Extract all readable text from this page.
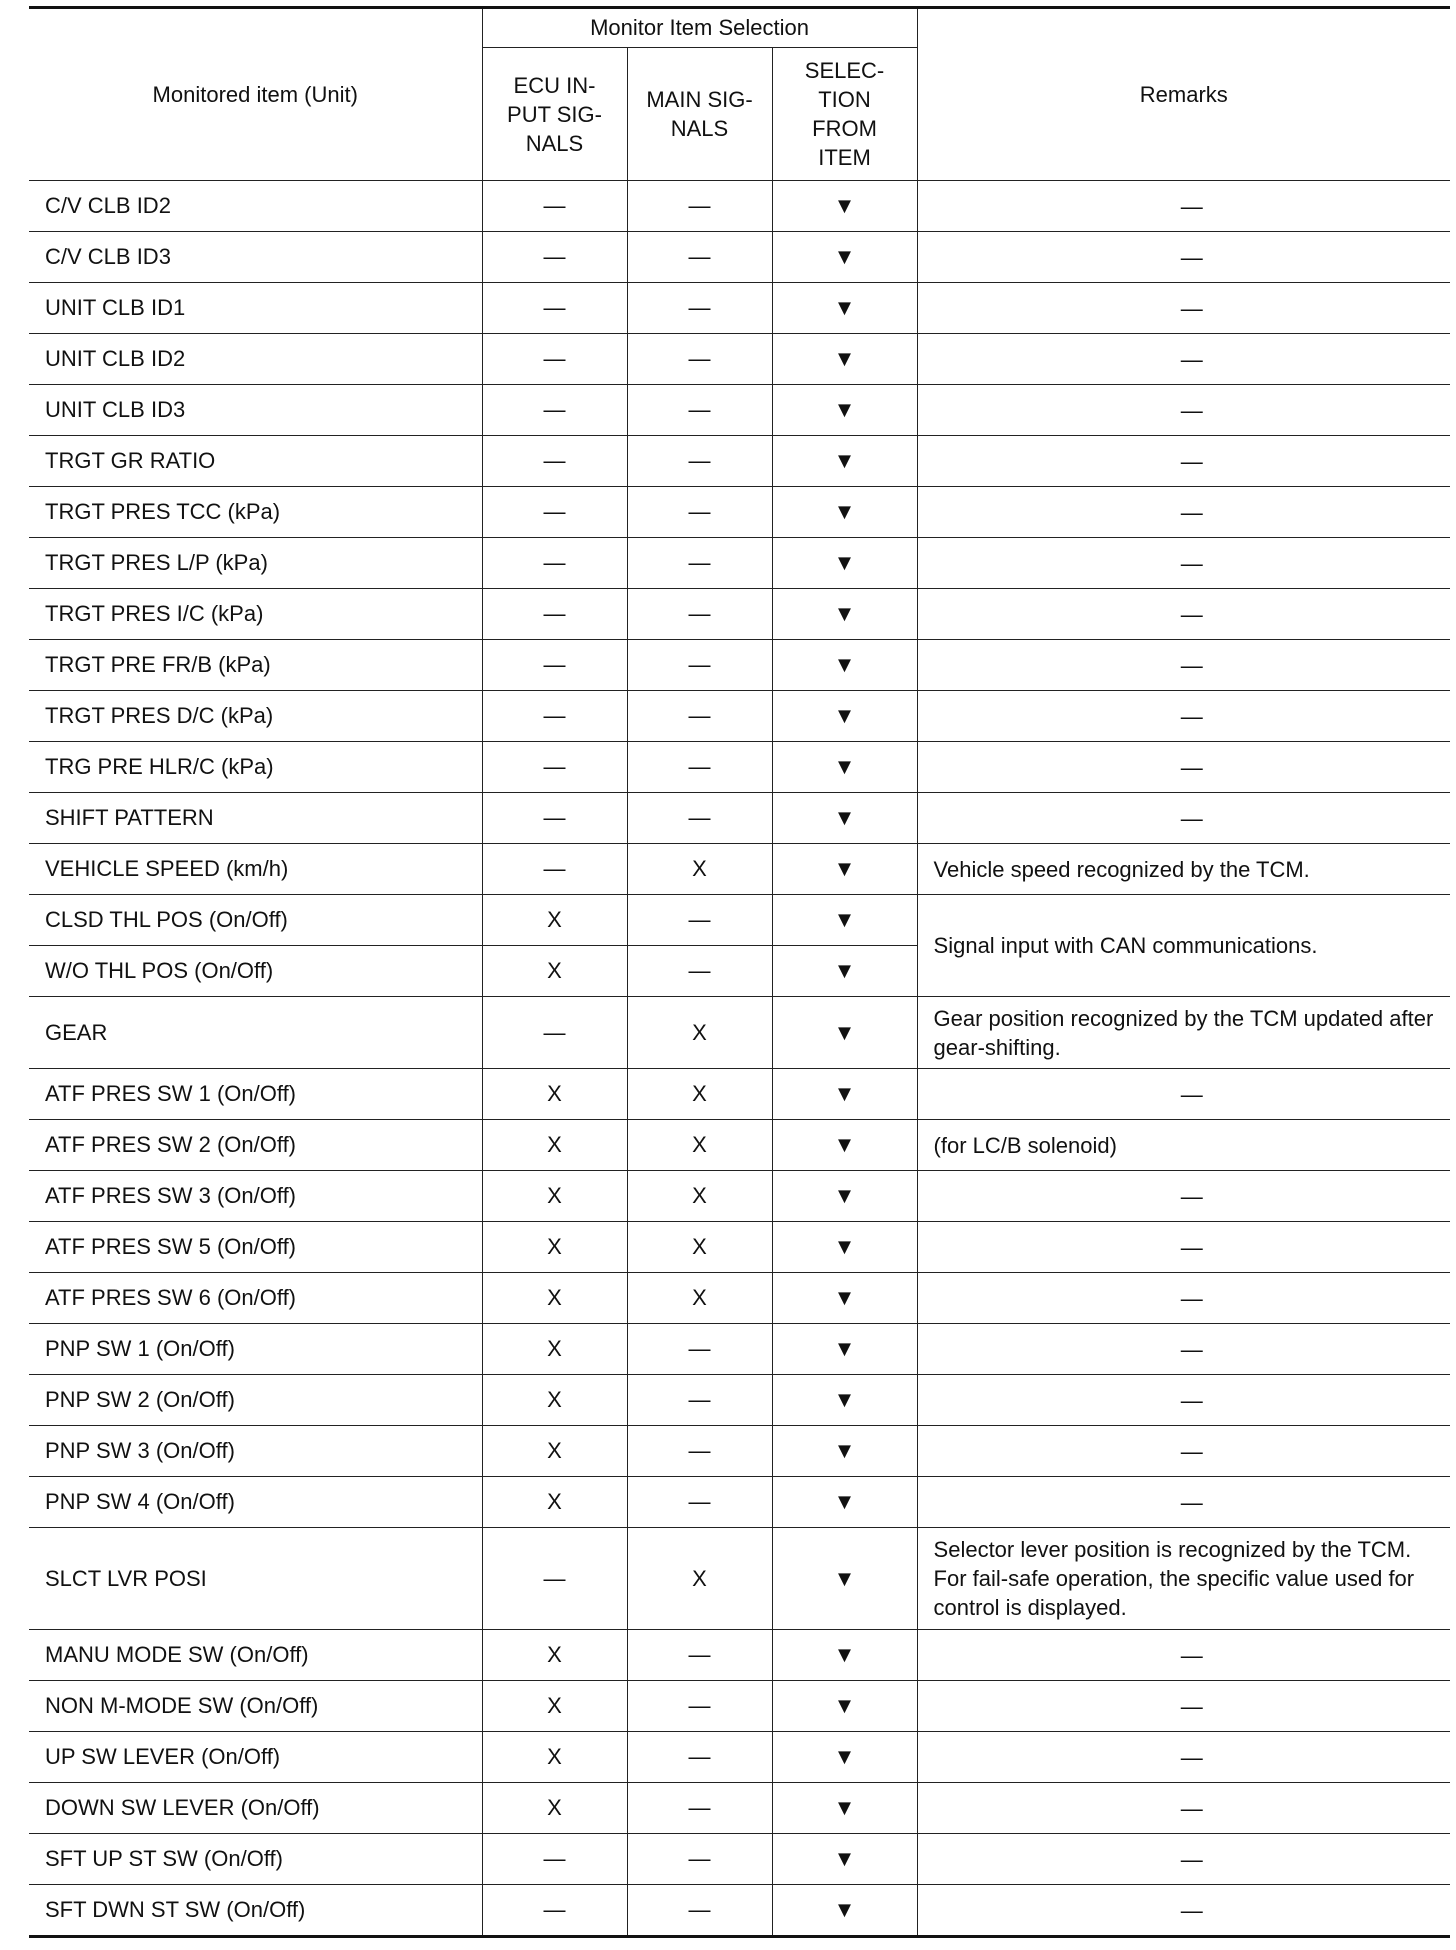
Monitored item (Unit)	Monitor Item Selection			Remarks
	ECU IN-
PUT SIG-
NALS	MAIN SIG-
NALS	SELEC-
TION
FROM
ITEM	
C/V CLB ID2	—	—	▼	—
C/V CLB ID3	—	—	▼	—
UNIT CLB ID1	—	—	▼	—
UNIT CLB ID2	—	—	▼	—
UNIT CLB ID3	—	—	▼	—
TRGT GR RATIO	—	—	▼	—
TRGT PRES TCC (kPa)	—	—	▼	—
TRGT PRES L/P (kPa)	—	—	▼	—
TRGT PRES I/C (kPa)	—	—	▼	—
TRGT PRE FR/B (kPa)	—	—	▼	—
TRGT PRES D/C (kPa)	—	—	▼	—
TRG PRE HLR/C (kPa)	—	—	▼	—
SHIFT PATTERN	—	—	▼	—
VEHICLE SPEED (km/h)	—	X	▼	Vehicle speed recognized by the TCM.
CLSD THL POS (On/Off)	X	—	▼	Signal input with CAN communications.
W/O THL POS (On/Off)	X	—	▼	
GEAR	—	X	▼	Gear position recognized by the TCM updated after gear-shifting.
ATF PRES SW 1 (On/Off)	X	X	▼	—
ATF PRES SW 2 (On/Off)	X	X	▼	(for LC/B solenoid)
ATF PRES SW 3 (On/Off)	X	X	▼	—
ATF PRES SW 5 (On/Off)	X	X	▼	—
ATF PRES SW 6 (On/Off)	X	X	▼	—
PNP SW 1 (On/Off)	X	—	▼	—
PNP SW 2 (On/Off)	X	—	▼	—
PNP SW 3 (On/Off)	X	—	▼	—
PNP SW 4 (On/Off)	X	—	▼	—
SLCT LVR POSI	—	X	▼	Selector lever position is recognized by the TCM. For fail-safe operation, the specific value used for control is displayed.
MANU MODE SW (On/Off)	X	—	▼	—
NON M-MODE SW (On/Off)	X	—	▼	—
UP SW LEVER (On/Off)	X	—	▼	—
DOWN SW LEVER (On/Off)	X	—	▼	—
SFT UP ST SW (On/Off)	—	—	▼	—
SFT DWN ST SW (On/Off)	—	—	▼	—
